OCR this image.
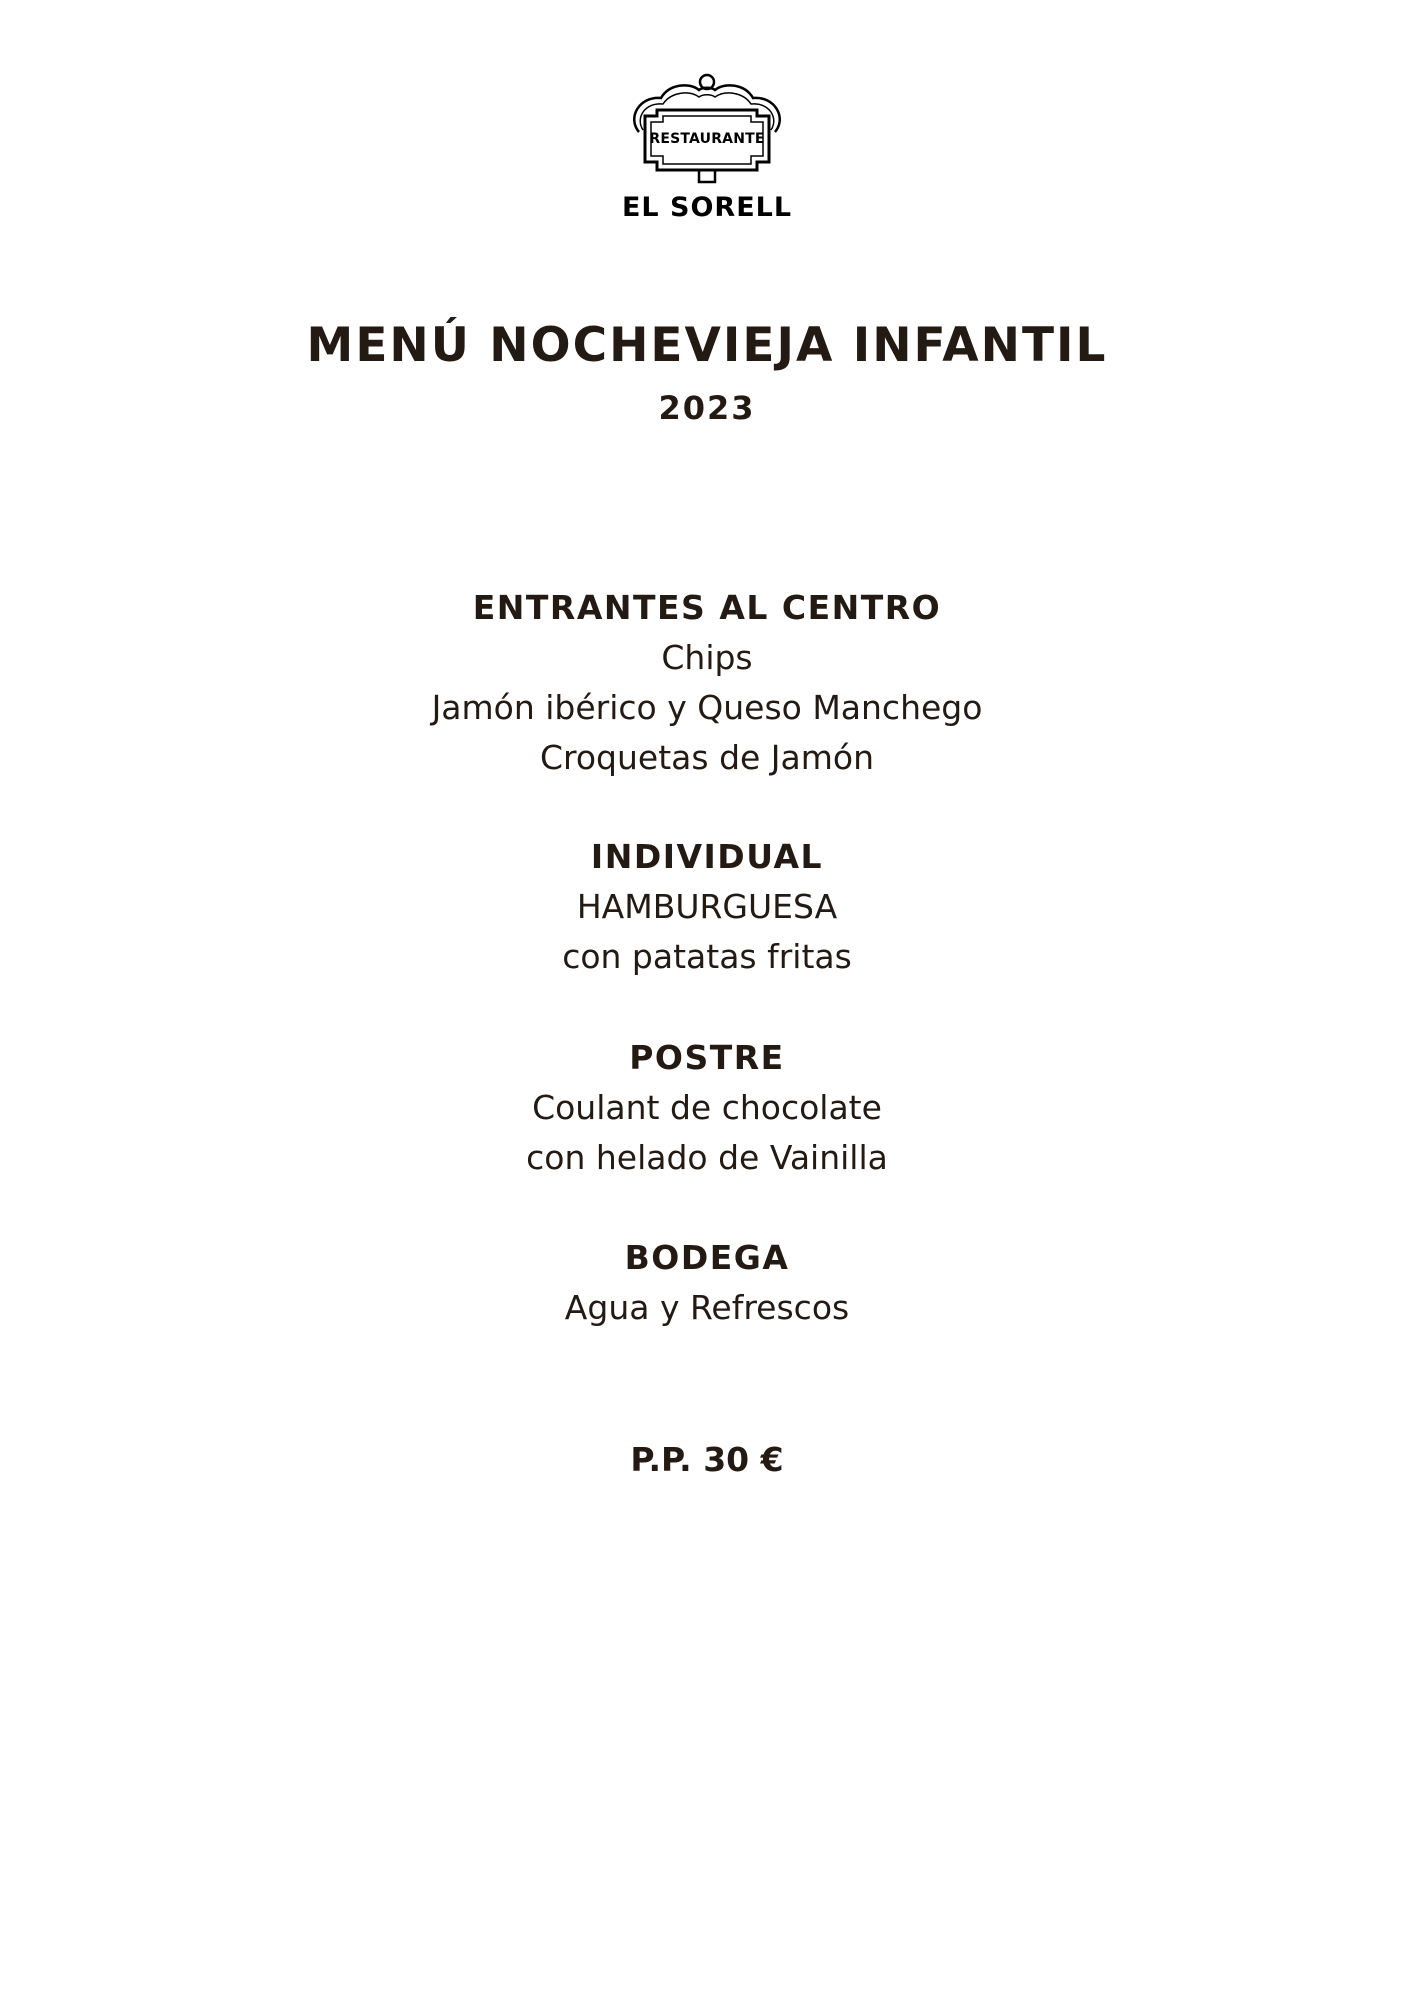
RESTAURANTE
EL SORELL
MENÚ NOCHEVIEJA INFANTIL
2023
ENTRANTES AL CENTRO
Chips
Jamón ibérico y Queso Manchego
Croquetas de Jamón
INDIVIDUAL
HAMBURGUESA
con patatas fritas
POSTRE
Coulant de chocolate
con helado de Vainilla
BODEGA
Agua y Refrescos
P.P. 30 €
